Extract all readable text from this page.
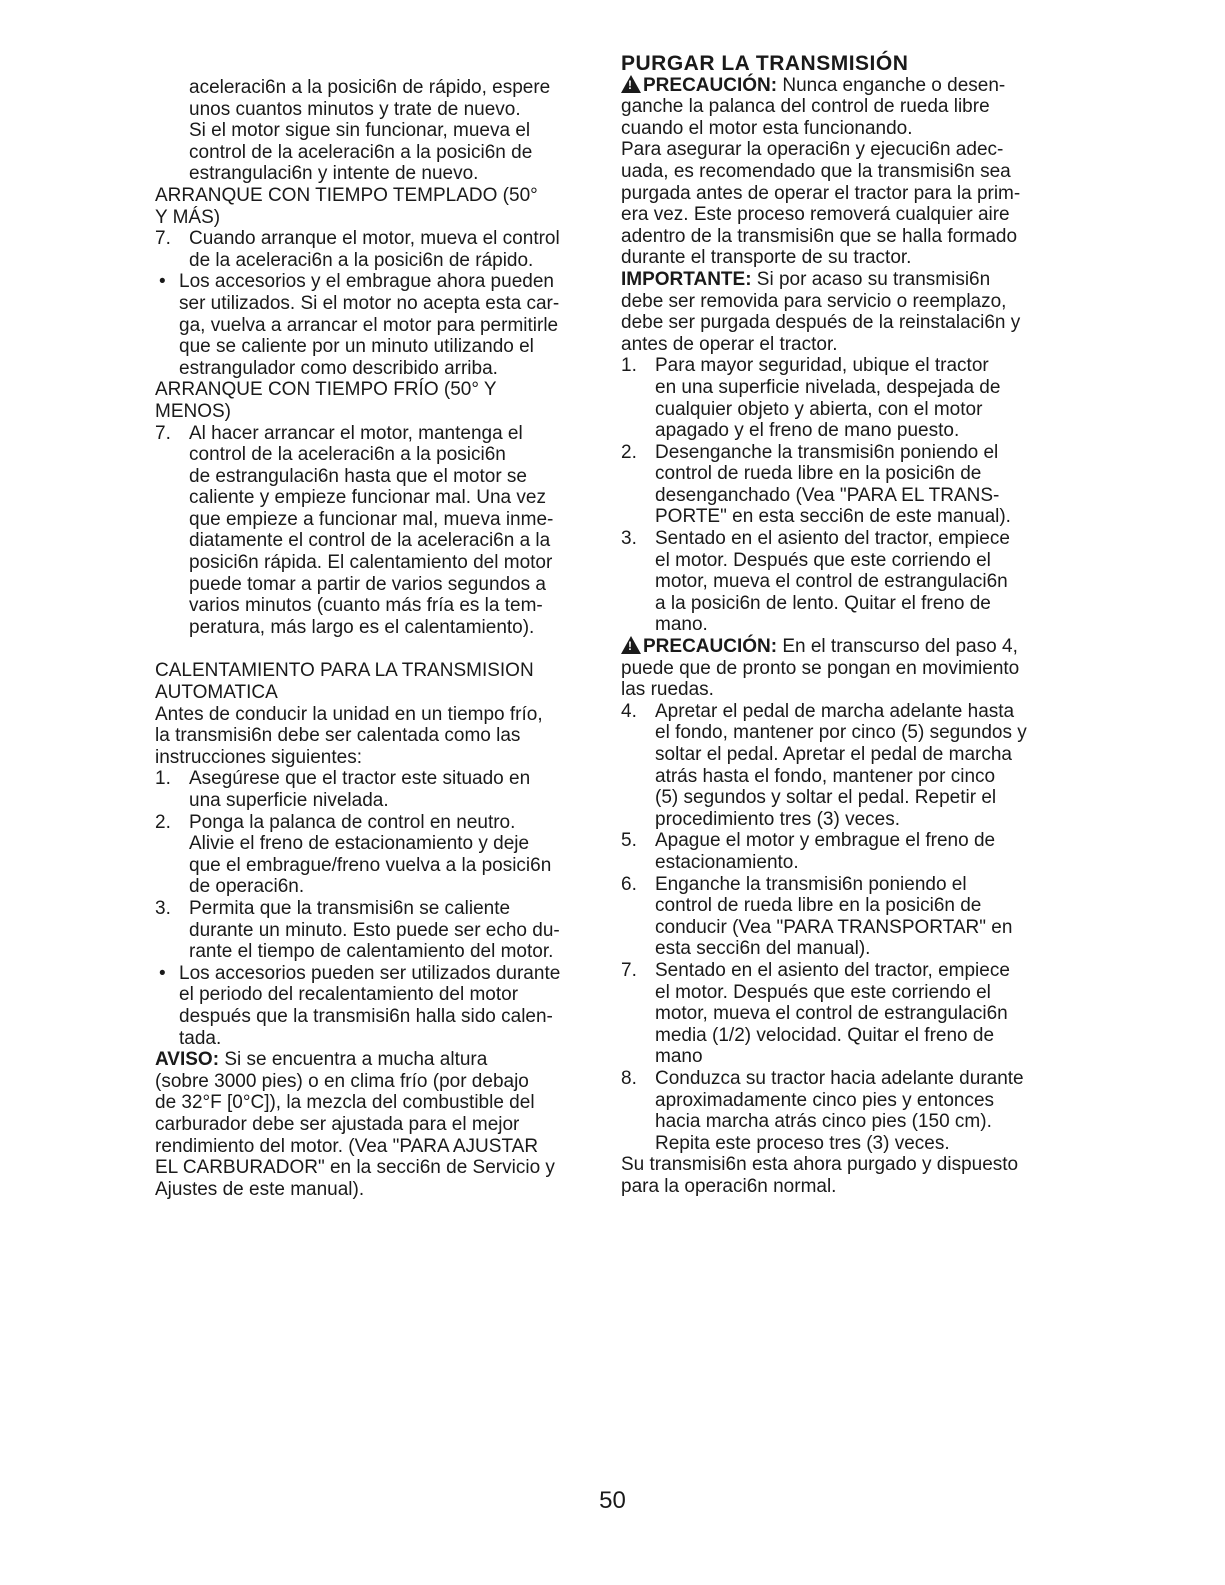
aceleraci6n a la posici6n de rápido, espere

unos cuantos minutos y trate de nuevo.

Si el motor sigue sin funcionar, mueva el

control de la aceleraci6n a la posici6n de

estrangulaci6n y intente de nuevo.

ARRANQUE CON TIEMPO TEMPLADO (50°

Y MÁS)

7. Cuando arranque el motor, mueva el control

de la aceleraci6n a la posici6n de rápido.

• Los accesorios y el embrague ahora pueden

ser utilizados. Si el motor no acepta esta car-

ga, vuelva a arrancar el motor para permitirle

que se caliente por un minuto utilizando el

estrangulador como describido arriba.

ARRANQUE CON TIEMPO FRÍO (50° Y

MENOS)

7. Al hacer arrancar el motor, mantenga el

control de la aceleraci6n a la posici6n

de estrangulaci6n hasta que el motor se

caliente y empieze funcionar mal. Una vez

que empieze a funcionar mal, mueva inme-

diatamente el control de la aceleraci6n a la

posici6n rápida. El calentamiento del motor

puede tomar a partir de varios segundos a

varios minutos (cuanto más fría es la tem-

peratura, más largo es el calentamiento).

CALENTAMIENTO PARA LA TRANSMISION

AUTOMATICA

Antes de conducir la unidad en un tiempo frío,

la transmisi6n debe ser calentada como las

instrucciones siguientes:

1. Asegúrese que el tractor este situado en

una superficie nivelada.

2. Ponga la palanca de control en neutro.

Alivie el freno de estacionamiento y deje

que el embrague/freno vuelva a la posici6n

de operaci6n.

3. Permita que la transmisi6n se caliente

durante un minuto. Esto puede ser echo du-

rante el tiempo de calentamiento del motor.

• Los accesorios pueden ser utilizados durante

el periodo del recalentamiento del motor

después que la transmisi6n halla sido calen-

tada.

AVISO: Si se encuentra a mucha altura

(sobre 3000 pies) o en clima frío (por debajo

de 32°F [0°C]), la mezcla del combustible del

carburador debe ser ajustada para el mejor

rendimiento del motor. (Vea "PARA AJUSTAR

EL CARBURADOR" en la secci6n de Servicio y

Ajustes de este manual).

PURGAR LA TRANSMISIÓN

!PRECAUCIÓN: Nunca enganche o desen-

ganche la palanca del control de rueda libre

cuando el motor esta funcionando.

Para asegurar la operaci6n y ejecuci6n adec-

uada, es recomendado que la transmisi6n sea

purgada antes de operar el tractor para la prim-

era vez. Este proceso removerá cualquier aire

adentro de la transmisi6n que se halla formado

durante el transporte de su tractor.

IMPORTANTE: Si por acaso su transmisi6n

debe ser removida para servicio o reemplazo,

debe ser purgada después de la reinstalaci6n y

antes de operar el tractor.

1. Para mayor seguridad, ubique el tractor

en una superficie nivelada, despejada de

cualquier objeto y abierta, con el motor

apagado y el freno de mano puesto.

2. Desenganche la transmisi6n poniendo el

control de rueda libre en la posici6n de

desenganchado (Vea "PARA EL TRANS-

PORTE" en esta secci6n de este manual).

3. Sentado en el asiento del tractor, empiece

el motor. Después que este corriendo el

motor, mueva el control de estrangulaci6n

a la posici6n de lento. Quitar el freno de

mano.

!PRECAUCIÓN: En el transcurso del paso 4,

puede que de pronto se pongan en movimiento

las ruedas.

4. Apretar el pedal de marcha adelante hasta

el fondo, mantener por cinco (5) segundos y

soltar el pedal. Apretar el pedal de marcha

atrás hasta el fondo, mantener por cinco

(5) segundos y soltar el pedal. Repetir el

procedimiento tres (3) veces.

5. Apague el motor y embrague el freno de

estacionamiento.

6. Enganche la transmisi6n poniendo el

control de rueda libre en la posici6n de

conducir (Vea "PARA TRANSPORTAR" en

esta secci6n del manual).

7. Sentado en el asiento del tractor, empiece

el motor. Después que este corriendo el

motor, mueva el control de estrangulaci6n

media (1/2) velocidad. Quitar el freno de

mano

8. Conduzca su tractor hacia adelante durante

aproximadamente cinco pies y entonces

hacia marcha atrás cinco pies (150 cm).

Repita este proceso tres (3) veces.

Su transmisi6n esta ahora purgado y dispuesto

para la operaci6n normal.

50
